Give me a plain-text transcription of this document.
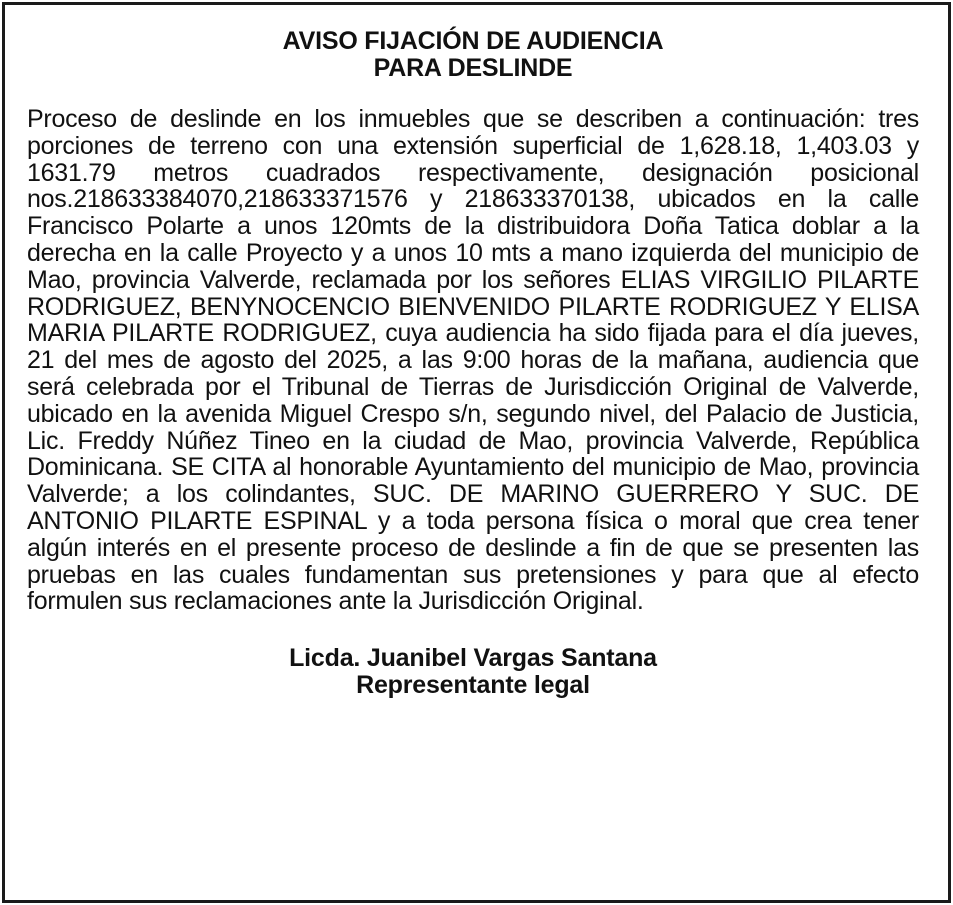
AVISO FIJACIÓN DE AUDIENCIA
PARA DESLINDE

Proceso de deslinde en los inmuebles que se describen a continuación: tres porciones de terreno con una extensión superficial de 1,628.18, 1,403.03 y 1631.79 metros cuadrados respectivamente, designación posicional nos.218633384070,218633371576 y 218633370138, ubicados en la calle Francisco Polarte a unos 120mts de la distribuidora Doña Tatica doblar a la derecha en la calle Proyecto y a unos 10 mts a mano izquierda del municipio de Mao, provincia Valverde, reclamada por los señores ELIAS VIRGILIO PILARTE RODRIGUEZ, BENYNOCENCIO BIENVENIDO PILARTE RODRIGUEZ Y ELISA MARIA PILARTE RODRIGUEZ, cuya audiencia ha sido fijada para el día jueves, 21 del mes de agosto del 2025, a las 9:00 horas de la mañana, audiencia que será celebrada por el Tribunal de Tierras de Jurisdicción Original de Valverde, ubicado en la avenida Miguel Crespo s/n, segundo nivel, del Palacio de Justicia, Lic. Freddy Núñez Tineo en la ciudad de Mao, provincia Valverde, República Dominicana. SE CITA al honorable Ayuntamiento del municipio de Mao, provincia Valverde; a los colindantes, SUC. DE MARINO GUERRERO Y SUC. DE ANTONIO PILARTE ESPINAL y a toda persona física o moral que crea tener algún interés en el presente proceso de deslinde a fin de que se presenten las pruebas en las cuales fundamentan sus pretensiones y para que al efecto formulen sus reclamaciones ante la Jurisdicción Original.

Licda. Juanibel Vargas Santana
Representante legal
